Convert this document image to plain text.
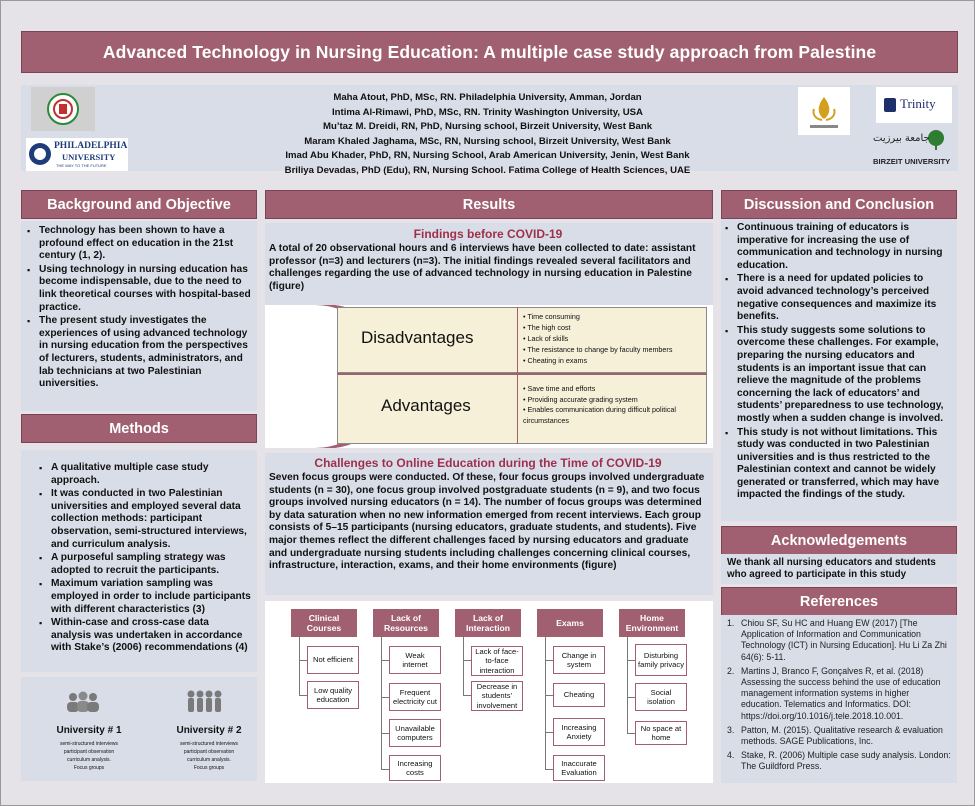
Advanced Technology in Nursing Education: A multiple case study approach from Palestine
PHILADELPHIA
UNIVERSITY
THE WAY TO THE FUTURE
Maha Atout, PhD, MSc, RN. Philadelphia University, Amman, Jordan
Intima Al-Rimawi, PhD, MSc, RN. Trinity Washington University, USA
Mu’taz M. Dreidi, RN, PhD, Nursing school, Birzeit University, West Bank
Maram Khaled Jaghama, MSc, RN, Nursing school, Birzeit University, West Bank
Imad Abu Khader, PhD, RN, Nursing School, Arab American University, Jenin, West Bank
Briliya Devadas, PhD (Edu), RN, Nursing School. Fatima College of Health Sciences, UAE
Trinity
جامعة بيرزيت
BIRZEIT UNIVERSITY
Background and Objective
▪ Technology has been shown to have a profound effect on education in the 21st century (1, 2).
▪ Using technology in nursing education has become indispensable, due to the need to link theoretical courses with hospital-based practice.
▪ The present study investigates the experiences of using advanced technology in nursing education from the perspectives of lecturers, students, administrators, and lab technicians at two Palestinian universities.
Methods
▪ A qualitative multiple case study approach.
▪ It was conducted in two Palestinian universities and employed several data collection methods: participant observation, semi-structured interviews, and curriculum analysis.
▪ A purposeful sampling strategy was adopted to recruit the participants.
▪ Maximum variation sampling was employed in order to include participants with different characteristics (3)
▪ Within-case and cross-case data analysis was undertaken in accordance with Stake’s (2006) recommendations (4)
University # 1
semi-structured interviews
participant observation
curriculum analysis.
Focus groups
University # 2
semi-structured interviews
participant observation
curriculum analysis.
Focus groups
Results
Findings before COVID-19
A total of 20 observational hours and 6 interviews have been collected to date: assistant professor (n=3) and lecturers (n=3). The initial findings revealed several facilitators and challenges regarding the use of advanced technology in nursing education in Palestine (figure)
Disadvantages
Advantages
• Time consuming
• The high cost
• Lack of skills
• The resistance to change by faculty members
• Cheating in exams
• Save time and efforts
• Providing accurate grading system
• Enables communication during difficult political circumstances
Challenges to Online Education during the Time of COVID-19
Seven focus groups were conducted. Of these, four focus groups involved undergraduate students (n = 30), one focus group involved postgraduate students (n = 9), and two focus groups involved nursing educators (n = 14). The number of focus groups was determined by data saturation when no new information emerged from recent interviews. Each group consists of 5–15 participants (nursing educators, graduate students, and students). Five major themes reflect the different challenges faced by nursing educators and graduate and undergraduate nursing students including challenges concerning clinical courses, infrastructure, interaction, exams, and their home environments (figure)
Clinical Courses
Not efficient
Low quality education
Lack of Resources
Weak internet
Frequent electricity cut
Unavailable computers
Increasing costs
Lack of Interaction
Lack of face-to-face interaction
Decrease in students’ involvement
Exams
Change in system
Cheating
Increasing Anxiety
Inaccurate Evaluation
Home Environment
Disturbing family privacy
Social isolation
No space at home
Discussion and Conclusion
▪ Continuous training of educators is imperative for increasing the use of communication and technology in nursing education.
▪ There is a need for updated policies to avoid advanced technology’s perceived negative consequences and maximize its benefits.
▪ This study suggests some solutions to overcome these challenges. For example, preparing the nursing educators and students is an important issue that can relieve the magnitude of the problems concerning the lack of educators’ and students’ preparedness to use technology, mostly when a sudden change is involved.
▪ This study is not without limitations. This study was conducted in two Palestinian universities and is thus restricted to the Palestinian context and cannot be widely generated or transferred, which may have impacted the findings of the study.
Acknowledgements
We thank all nursing educators and students who agreed to participate in this study
References
1. Chiou SF, Su HC and Huang EW (2017) [The Application of Information and Communication Technology (ICT) in Nursing Education]. Hu Li Za Zhi 64(6): 5-11.
2. Martins J, Branco F, Gonçalves R, et al. (2018) Assessing the success behind the use of education management information systems in higher education. Telematics and Informatics. DOI: https://doi.org/10.1016/j.tele.2018.10.001.
3. Patton, M. (2015). Qualitative research & evaluation methods. SAGE Publications, Inc.
4. Stake, R. (2006) Multiple case sudy analysis. London: The Guildford Press.
